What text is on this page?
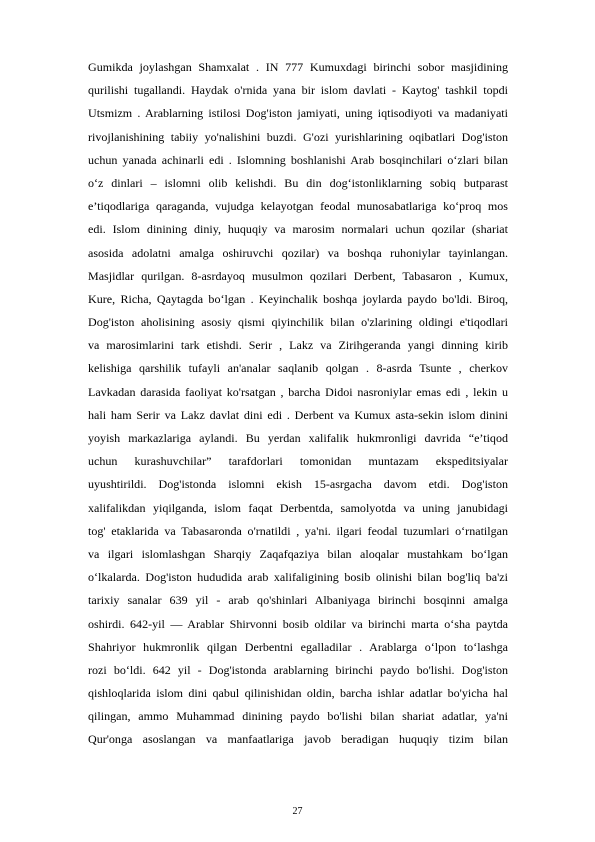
Gumikda joylashgan Shamxalat . IN 777 Kumuxdagi birinchi sobor masjidining
qurilishi tugallandi. Haydak o'rnida yana bir islom davlati - Kaytog' tashkil topdi
Utsmizm . Arablarning istilosi Dog'iston jamiyati, uning iqtisodiyoti va madaniyati
rivojlanishining tabiiy yo'nalishini buzdi. G'ozi yurishlarining oqibatlari Dog'iston
uchun yanada achinarli edi . Islomning boshlanishi Arab bosqinchilari oʻzlari bilan
oʻz dinlari – islomni olib kelishdi. Bu din dog‘istonliklarning sobiq butparast
e’tiqodlariga qaraganda, vujudga kelayotgan feodal munosabatlariga ko‘proq mos
edi. Islom dinining diniy, huquqiy va marosim normalari uchun qozilar (shariat
asosida adolatni amalga oshiruvchi qozilar) va boshqa ruhoniylar tayinlangan.
Masjidlar qurilgan. 8-asrdayoq musulmon qozilari Derbent, Tabasaron , Kumux,
Kure, Richa, Qaytagda boʻlgan . Keyinchalik boshqa joylarda paydo bo'ldi. Biroq,
Dog'iston aholisining asosiy qismi qiyinchilik bilan o'zlarining oldingi e'tiqodlari
va marosimlarini tark etishdi. Serir , Lakz va Zirihgeranda yangi dinning kirib
kelishiga qarshilik tufayli an'analar saqlanib qolgan . 8-asrda Tsunte , cherkov
Lavkadan darasida faoliyat ko'rsatgan , barcha Didoi nasroniylar emas edi , lekin u
hali ham Serir va Lakz davlat dini edi . Derbent va Kumux asta-sekin islom dinini
yoyish markazlariga aylandi. Bu yerdan xalifalik hukmronligi davrida “e’tiqod
uchun kurashuvchilar” tarafdorlari tomonidan muntazam ekspeditsiyalar
uyushtirildi. Dog'istonda islomni ekish 15-asrgacha davom etdi. Dog'iston
xalifalikdan yiqilganda, islom faqat Derbentda, samolyotda va uning janubidagi
tog' etaklarida va Tabasaronda o'rnatildi , ya'ni. ilgari feodal tuzumlari oʻrnatilgan
va ilgari islomlashgan Sharqiy Zaqafqaziya bilan aloqalar mustahkam boʻlgan
oʻlkalarda. Dog'iston hududida arab xalifaligining bosib olinishi bilan bog'liq ba'zi
tarixiy sanalar 639 yil - arab qo'shinlari Albaniyaga birinchi bosqinni amalga
oshirdi. 642-yil — Arablar Shirvonni bosib oldilar va birinchi marta oʻsha paytda
Shahriyor hukmronlik qilgan Derbentni egalladilar . Arablarga o‘lpon to‘lashga
rozi bo‘ldi. 642 yil - Dog'istonda arablarning birinchi paydo bo'lishi. Dog'iston
qishloqlarida islom dini qabul qilinishidan oldin, barcha ishlar adatlar bo'yicha hal
qilingan, ammo Muhammad dinining paydo bo'lishi bilan shariat adatlar, ya'ni
Qur'onga asoslangan va manfaatlariga javob beradigan huquqiy tizim bilan
27
